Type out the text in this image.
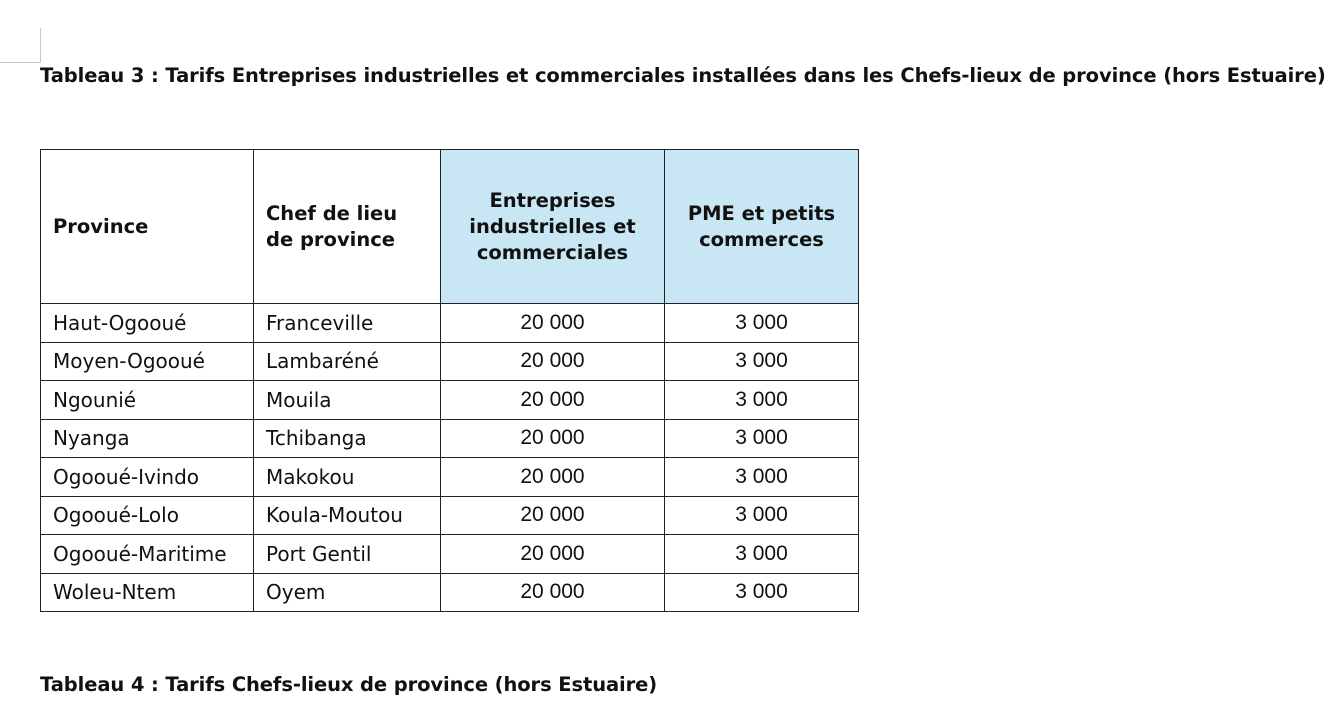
Tableau 3 : Tarifs Entreprises industrielles et commerciales installées dans les Chefs-lieux de province (hors Estuaire)
Province	Chef de lieu de province	Entreprises industrielles et commerciales	PME et petits commerces
Haut-Ogooué	Franceville	20 000	3 000
Moyen-Ogooué	Lambaréné	20 000	3 000
Ngounié	Mouila	20 000	3 000
Nyanga	Tchibanga	20 000	3 000
Ogooué-Ivindo	Makokou	20 000	3 000
Ogooué-Lolo	Koula-Moutou	20 000	3 000
Ogooué-Maritime	Port Gentil	20 000	3 000
Woleu-Ntem	Oyem	20 000	3 000
Tableau 4 : Tarifs Chefs-lieux de province (hors Estuaire)
